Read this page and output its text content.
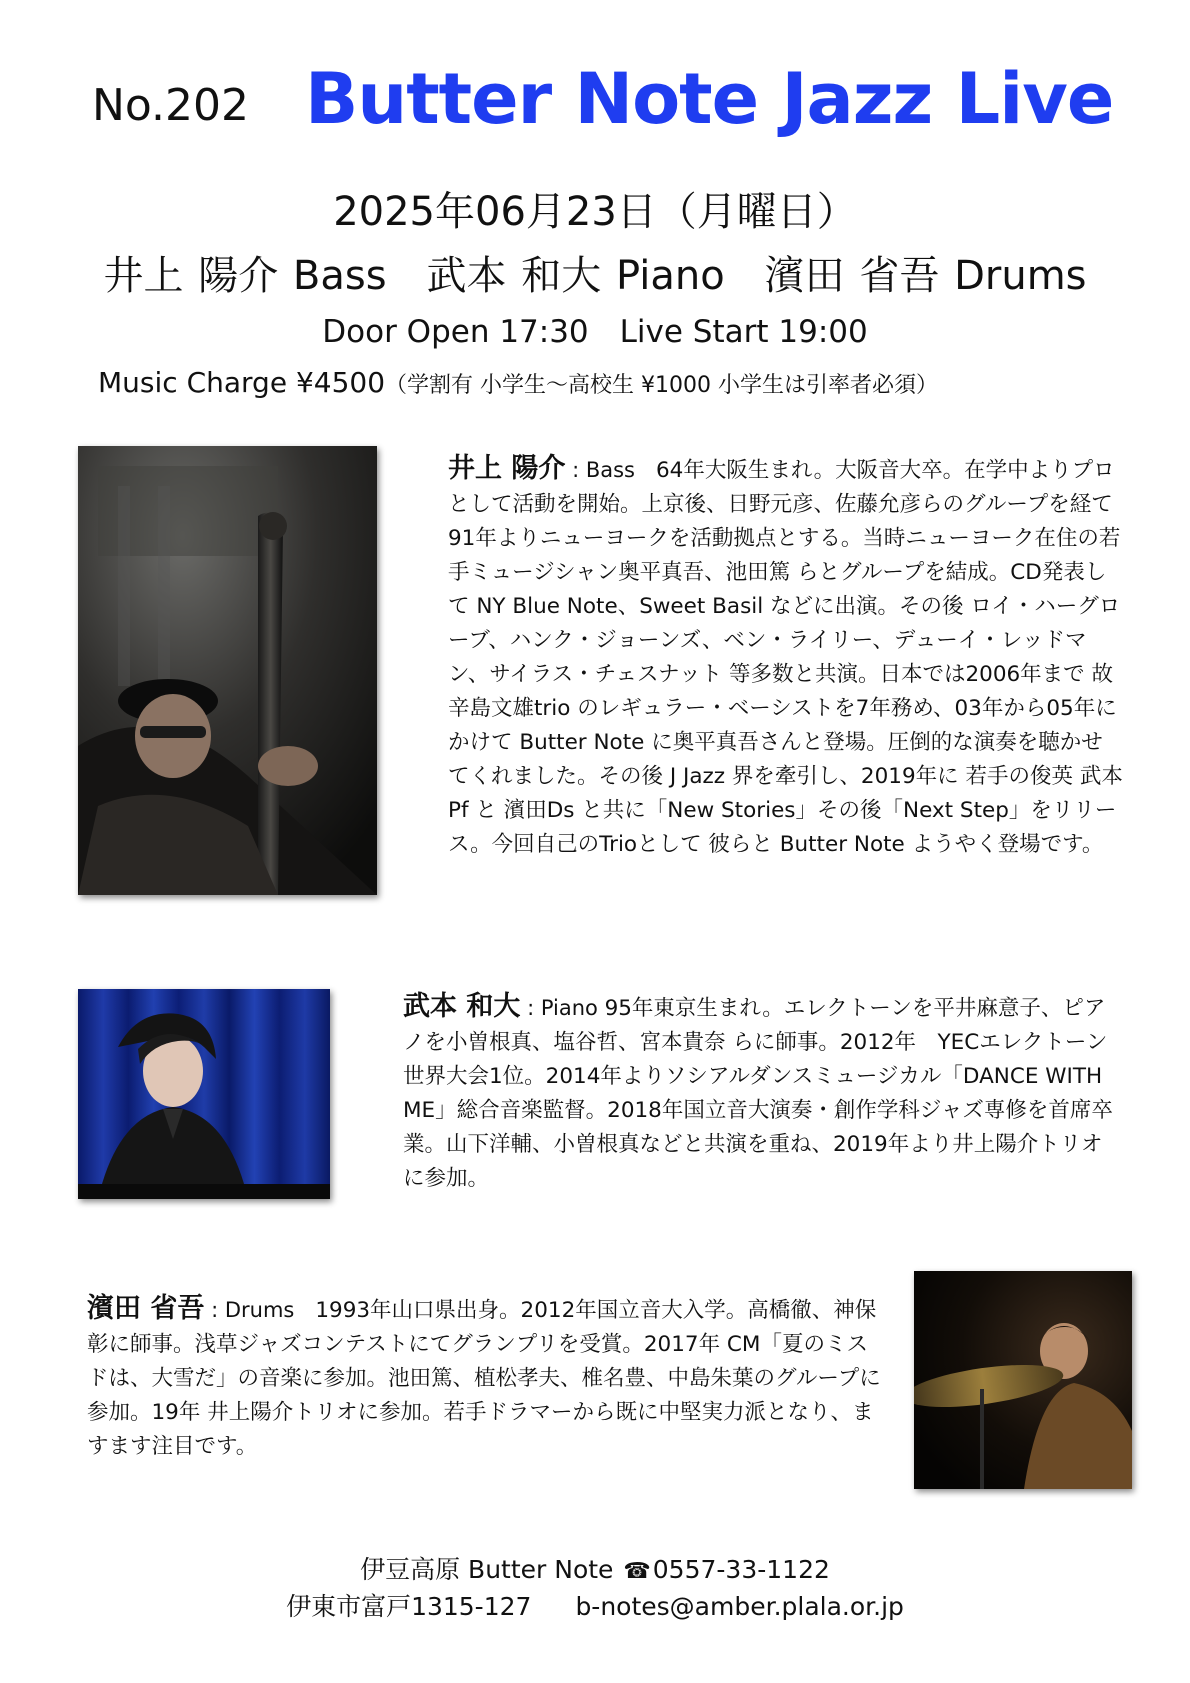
No.202 Butter Note Jazz Live
2025年06月23日（月曜日）
井上 陽介 Bass　武本 和大 Piano　濱田 省吾 Drums
Door Open 17:30　Live Start 19:00
Music Charge ¥4500（学割有 小学生〜高校生 ¥1000 小学生は引率者必須）
井上 陽介 : Bass　64年大阪生まれ。大阪音大卒。在学中よりプロとして活動を開始。上京後、日野元彦、佐藤允彦らのグループを経て91年よりニューヨークを活動拠点とする。当時ニューヨーク在住の若手ミュージシャン奥平真吾、池田篤 らとグループを結成。CD発表して NY Blue Note、Sweet Basil などに出演。その後 ロイ・ハーグローブ、ハンク・ジョーンズ、ベン・ライリー、デューイ・レッドマン、サイラス・チェスナット 等多数と共演。日本では2006年まで 故辛島文雄trio のレギュラー・ベーシストを7年務め、03年から05年にかけて Butter Note に奥平真吾さんと登場。圧倒的な演奏を聴かせてくれました。その後 J Jazz 界を牽引し、2019年に 若手の俊英 武本Pf と 濱田Ds と共に「New Stories」その後「Next Step」をリリース。今回自己のTrioとして 彼らと Butter Note ようやく登場です。
武本 和大 : Piano 95年東京生まれ。エレクトーンを平井麻意子、ピアノを小曽根真、塩谷哲、宮本貴奈 らに師事。2012年　YECエレクトーン世界大会1位。2014年よりソシアルダンスミュージカル「DANCE WITH ME」総合音楽監督。2018年国立音大演奏・創作学科ジャズ専修を首席卒業。山下洋輔、小曽根真などと共演を重ね、2019年より井上陽介トリオに参加。
濱田 省吾 : Drums　1993年山口県出身。2012年国立音大入学。高橋徹、神保彰に師事。浅草ジャズコンテストにてグランプリを受賞。2017年 CM「夏のミスドは、大雪だ」の音楽に参加。池田篤、植松孝夫、椎名豊、中島朱葉のグループに参加。19年 井上陽介トリオに参加。若手ドラマーから既に中堅実力派となり、ますます注目です。
伊豆高原 Butter Note ☎0557-33-1122
伊東市富戸1315-127 b-notes@amber.plala.or.jp
